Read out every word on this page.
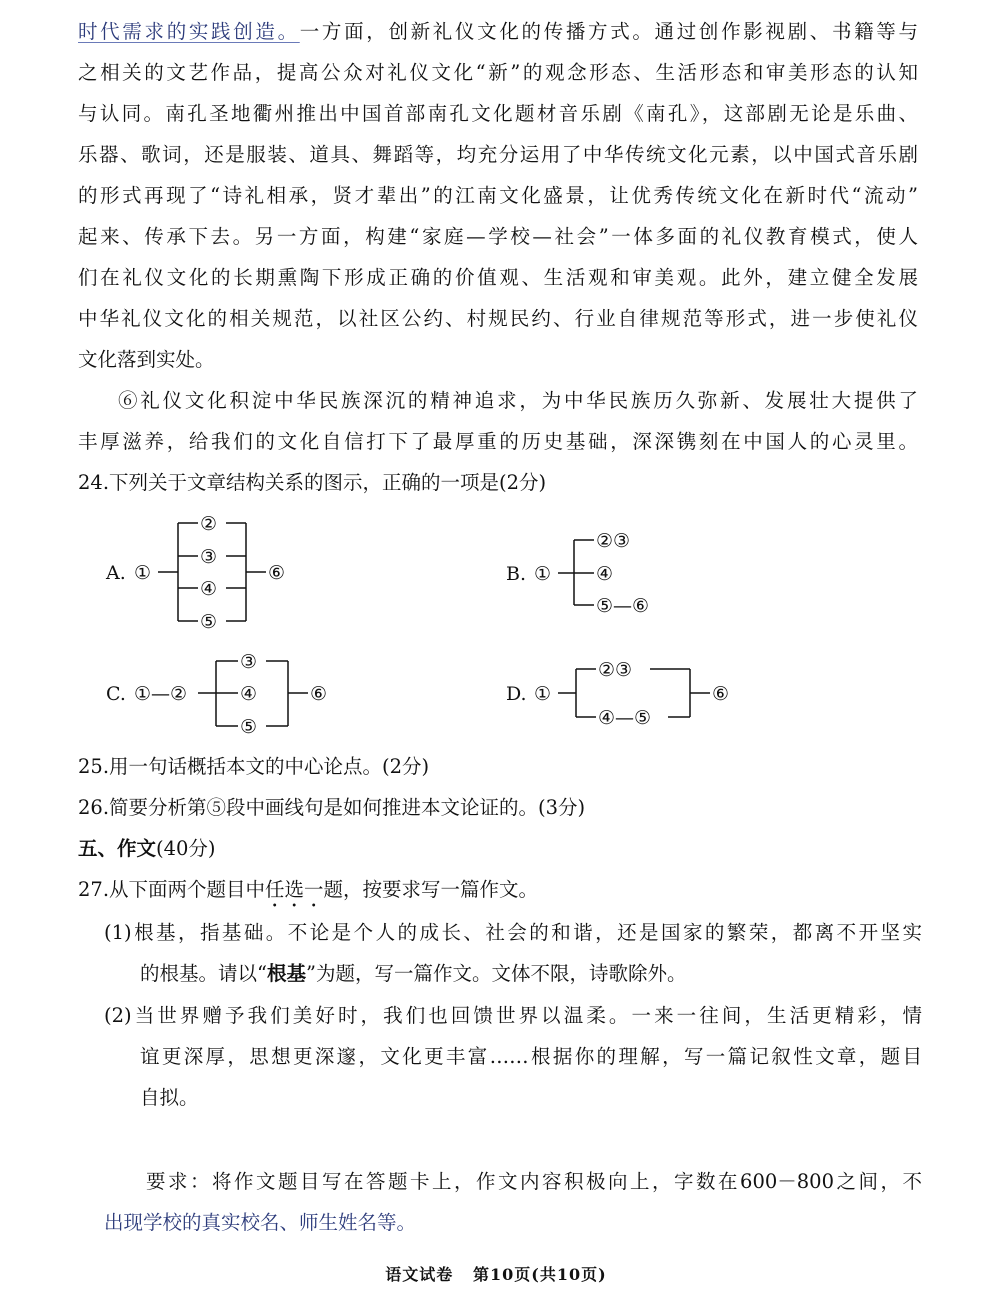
时代需求的实践创造。一方面，创新礼仪文化的传播方式。通过创作影视剧、书籍等与
之相关的文艺作品，提高公众对礼仪文化“新”的观念形态、生活形态和审美形态的认知
与认同。南孔圣地衢州推出中国首部南孔文化题材音乐剧《南孔》，这部剧无论是乐曲、
乐器、歌词，还是服装、道具、舞蹈等，均充分运用了中华传统文化元素，以中国式音乐剧
的形式再现了“诗礼相承，贤才辈出”的江南文化盛景，让优秀传统文化在新时代“流动”
起来、传承下去。另一方面，构建“家庭—学校—社会”一体多面的礼仪教育模式，使人
们在礼仪文化的长期熏陶下形成正确的价值观、生活观和审美观。此外，建立健全发展
中华礼仪文化的相关规范，以社区公约、村规民约、行业自律规范等形式，进一步使礼仪
文化落到实处。
⑥礼仪文化积淀中华民族深沉的精神追求，为中华民族历久弥新、发展壮大提供了
丰厚滋养，给我们的文化自信打下了最厚重的历史基础，深深镌刻在中国人的心灵里。
24.下列关于文章结构关系的图示，正确的一项是(2分)
A. ①
②
③
④
⑤
⑥	B. ①
②③
④
⑤—⑥
C. ①—②
③
④
⑤
⑥	D. ①
②③
④—⑤
⑥
25.用一句话概括本文的中心论点。(2分)
26.简要分析第⑤段中画线句是如何推进本文论证的。(3分)
五、作文(40分)
27.从下面两个题目中任选一题，按要求写一篇作文。
(1)根基，指基础。不论是个人的成长、社会的和谐，还是国家的繁荣，都离不开坚实
的根基。请以“根基”为题，写一篇作文。文体不限，诗歌除外。
(2)当世界赠予我们美好时，我们也回馈世界以温柔。一来一往间，生活更精彩，情
谊更深厚，思想更深邃，文化更丰富……根据你的理解，写一篇记叙性文章，题目
自拟。
要求：将作文题目写在答题卡上，作文内容积极向上，字数在600－800之间，不
出现学校的真实校名、师生姓名等。
语文试卷 第10页(共10页)
